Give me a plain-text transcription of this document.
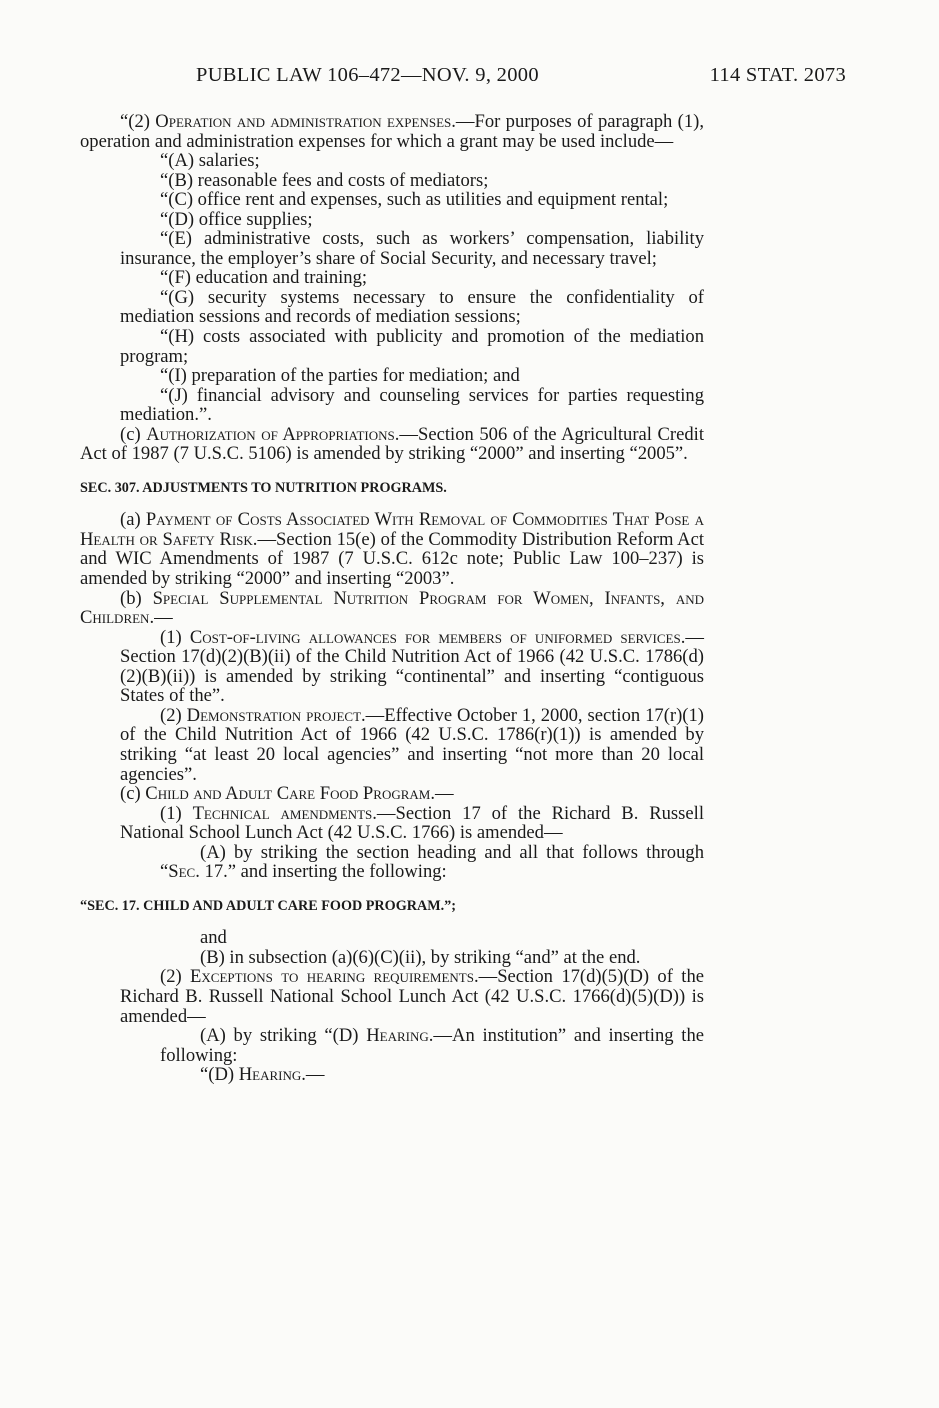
PUBLIC LAW 106–472—NOV. 9, 2000	114 STAT. 2073

“(2) Operation and administration expenses.—For purposes of paragraph (1), operation and administration expenses for which a grant may be used include—

“(A) salaries;

“(B) reasonable fees and costs of mediators;

“(C) office rent and expenses, such as utilities and equipment rental;

“(D) office supplies;

“(E) administrative costs, such as workers’ compensation, liability insurance, the employer’s share of Social Security, and necessary travel;

“(F) education and training;

“(G) security systems necessary to ensure the confidentiality of mediation sessions and records of mediation sessions;

“(H) costs associated with publicity and promotion of the mediation program;

“(I) preparation of the parties for mediation; and

“(J) financial advisory and counseling services for parties requesting mediation.”.

(c) Authorization of Appropriations.—Section 506 of the Agricultural Credit Act of 1987 (7 U.S.C. 5106) is amended by striking “2000” and inserting “2005”.

SEC. 307. ADJUSTMENTS TO NUTRITION PROGRAMS.

(a) Payment of Costs Associated With Removal of Commodities That Pose a Health or Safety Risk.—Section 15(e) of the Commodity Distribution Reform Act and WIC Amendments of 1987 (7 U.S.C. 612c note; Public Law 100–237) is amended by striking “2000” and inserting “2003”.

(b) Special Supplemental Nutrition Program for Women, Infants, and Children.—

(1) Cost-of-living allowances for members of uniformed services.—Section 17(d)(2)(B)(ii) of the Child Nutrition Act of 1966 (42 U.S.C. 1786(d)(2)(B)(ii)) is amended by striking “continental” and inserting “contiguous States of the”.

(2) Demonstration project.—Effective October 1, 2000, section 17(r)(1) of the Child Nutrition Act of 1966 (42 U.S.C. 1786(r)(1)) is amended by striking “at least 20 local agencies” and inserting “not more than 20 local agencies”.

(c) Child and Adult Care Food Program.—

(1) Technical amendments.—Section 17 of the Richard B. Russell National School Lunch Act (42 U.S.C. 1766) is amended—

(A) by striking the section heading and all that follows through “Sec. 17.” and inserting the following:

“SEC. 17. CHILD AND ADULT CARE FOOD PROGRAM.”;

and

(B) in subsection (a)(6)(C)(ii), by striking “and” at the end.

(2) Exceptions to hearing requirements.—Section 17(d)(5)(D) of the Richard B. Russell National School Lunch Act (42 U.S.C. 1766(d)(5)(D)) is amended—

(A) by striking “(D) Hearing.—An institution” and inserting the following:

“(D) Hearing.—
